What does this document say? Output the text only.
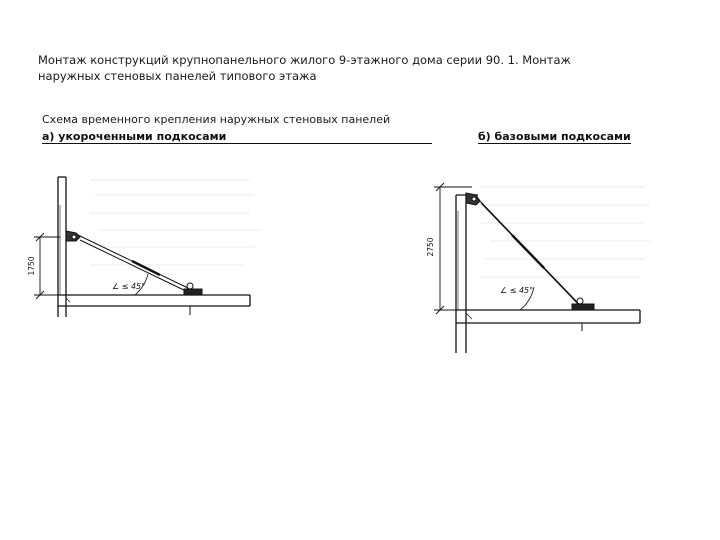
Монтаж конструкций крупнопанельного жилого 9-этажного дома серии 90. 1. Монтаж наружных стеновых панелей типового этажа
Схема временного крепления наружных стеновых панелей
а) укороченными подкосами	б) базовыми подкосами
1750
∠ ≤ 45°
2750
∠ ≤ 45°
